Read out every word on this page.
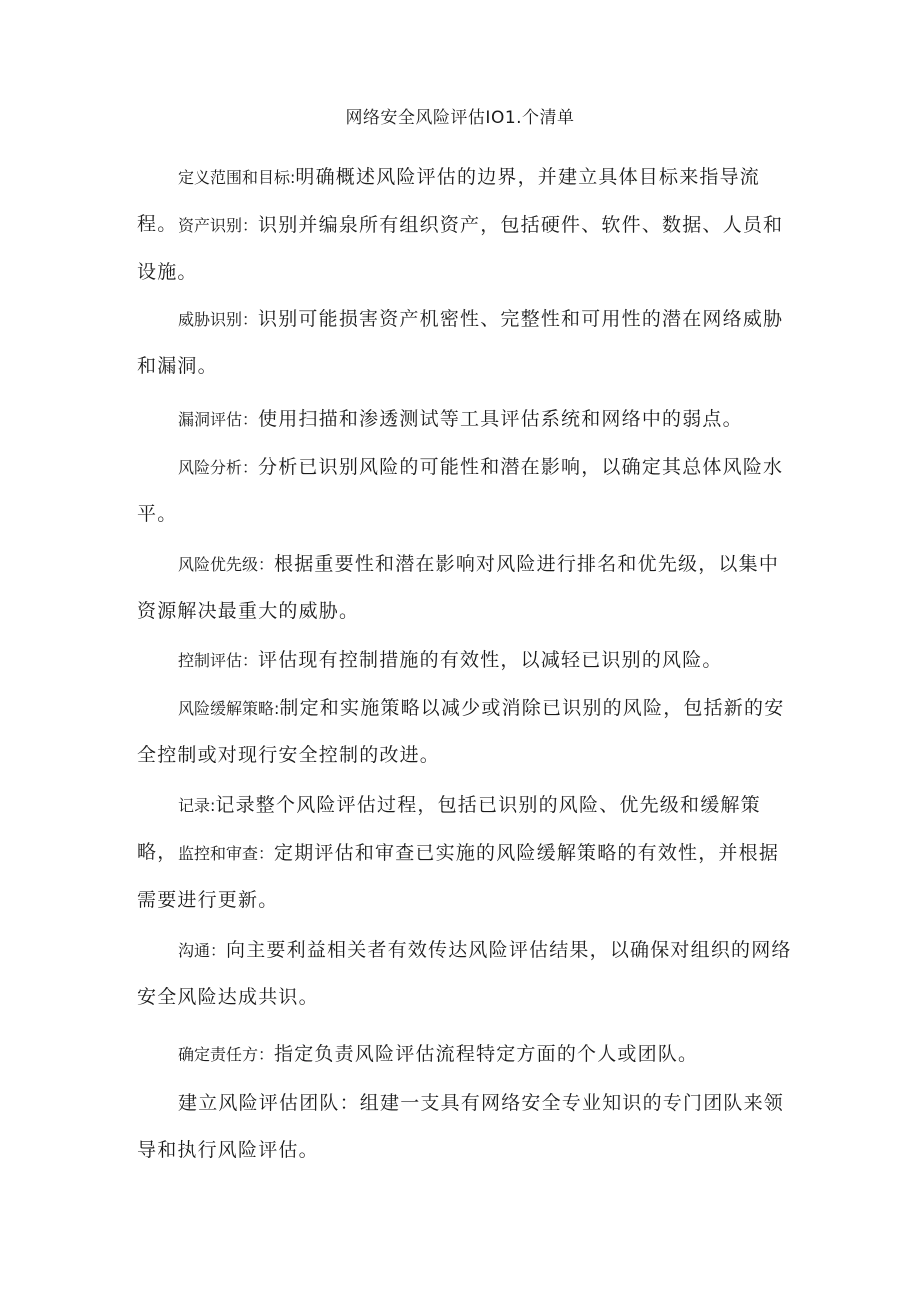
网络安全风险评估IO1.个清单

定义范围和目标:明确概述风险评估的边界，并建立具体目标来指导流程。 资产识别：识别并编泉所有组织资产，包括硬件、软件、数据、人员和设施。

威胁识别：识别可能损害资产机密性、完整性和可用性的潜在网络威胁和漏洞。

漏洞评估：使用扫描和渗透测试等工具评估系统和网络中的弱点。

风险分析：分析已识别风险的可能性和潜在影响，以确定其总体风险水平。

风险优先级：根据重要性和潜在影响对风险进行排名和优先级，以集中资源解决最重大的威胁。

控制评估：评估现有控制措施的有效性，以减轻已识别的风险。

风险缓解策略:制定和实施策略以减少或消除已识别的风险，包括新的安全控制或对现行安全控制的改进。

记录:记录整个风险评估过程，包括已识别的风险、优先级和缓解策略， 监控和审查：定期评估和审查已实施的风险缓解策略的有效性，并根据需要进行更新。

沟通：向主要利益相关者有效传达风险评估结果，以确保对组织的网络安全风险达成共识。

确定责任方：指定负责风险评估流程特定方面的个人或团队。

建立风险评估团队：组建一支具有网络安全专业知识的专门团队来领导和执行风险评估。
